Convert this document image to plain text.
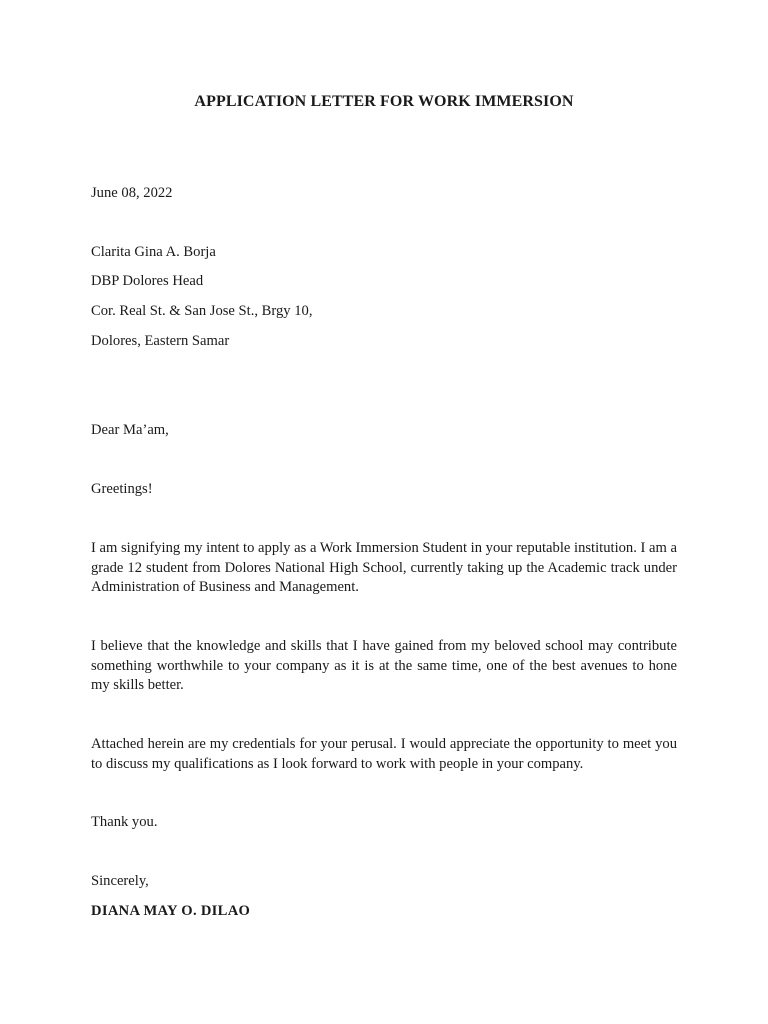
APPLICATION LETTER FOR WORK IMMERSION

June 08, 2022

Clarita Gina A. Borja

DBP Dolores Head

Cor. Real St. & San Jose St., Brgy 10,

Dolores, Eastern Samar

Dear Ma’am,

Greetings!

I am signifying my intent to apply as a Work Immersion Student in your reputable institution. I am a grade 12 student from Dolores National High School, currently taking up the Academic track under Administration of Business and Management.

I believe that the knowledge and skills that I have gained from my beloved school may contribute something worthwhile to your company as it is at the same time, one of the best avenues to hone my skills better.

Attached herein are my credentials for your perusal. I would appreciate the opportunity to meet you to discuss my qualifications as I look forward to work with people in your company.

Thank you.

Sincerely,

DIANA MAY O. DILAO
